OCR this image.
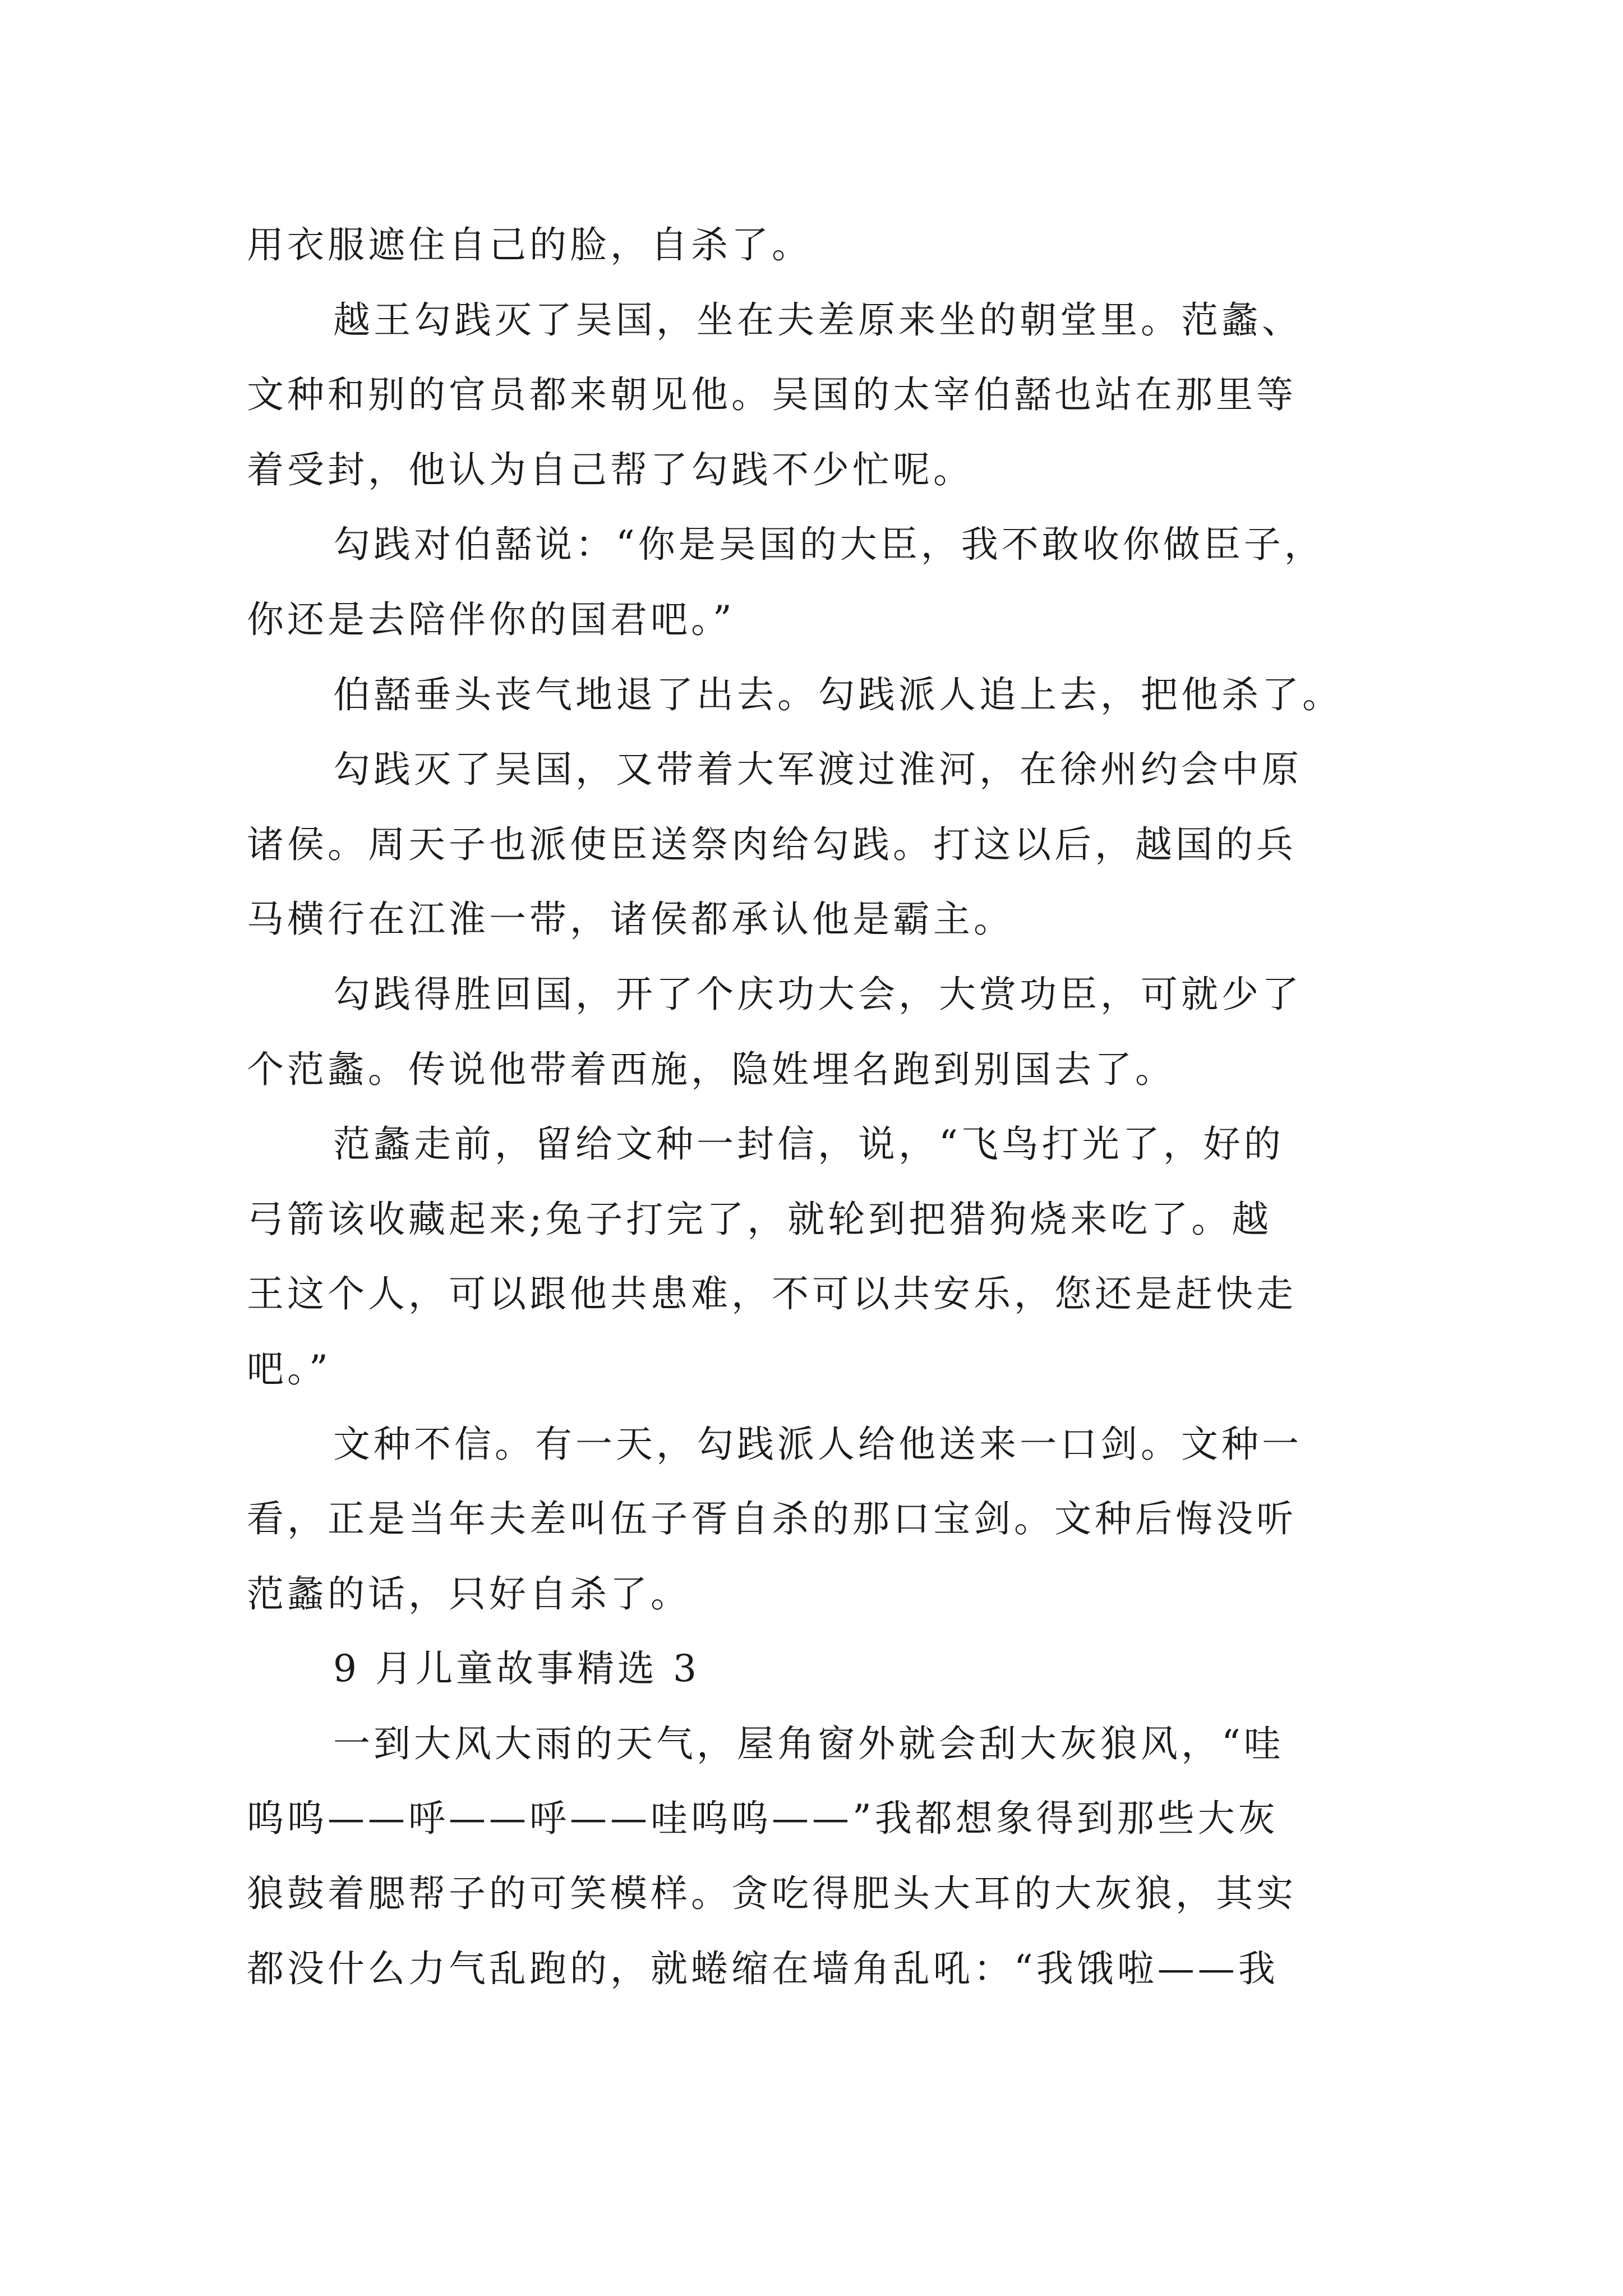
用衣服遮住自己的脸，自杀了。
越王勾践灭了吴国，坐在夫差原来坐的朝堂里。范蠡、
文种和别的官员都来朝见他。吴国的太宰伯嚭也站在那里等
着受封，他认为自己帮了勾践不少忙呢。
勾践对伯嚭说：“你是吴国的大臣，我不敢收你做臣子，
你还是去陪伴你的国君吧。”
伯嚭垂头丧气地退了出去。勾践派人追上去，把他杀了。
勾践灭了吴国，又带着大军渡过淮河，在徐州约会中原
诸侯。周天子也派使臣送祭肉给勾践。打这以后，越国的兵
马横行在江淮一带，诸侯都承认他是霸主。
勾践得胜回国，开了个庆功大会，大赏功臣，可就少了
个范蠡。传说他带着西施，隐姓埋名跑到别国去了。
范蠡走前，留给文种一封信，说，“飞鸟打光了，好的
弓箭该收藏起来;兔子打完了，就轮到把猎狗烧来吃了。越
王这个人，可以跟他共患难，不可以共安乐，您还是赶快走
吧。”
文种不信。有一天，勾践派人给他送来一口剑。文种一
看，正是当年夫差叫伍子胥自杀的那口宝剑。文种后悔没听
范蠡的话，只好自杀了。
9 月儿童故事精选 3
一到大风大雨的天气，屋角窗外就会刮大灰狼风，“哇
呜呜——呼——呼——哇呜呜——”我都想象得到那些大灰
狼鼓着腮帮子的可笑模样。贪吃得肥头大耳的大灰狼，其实
都没什么力气乱跑的，就蜷缩在墙角乱吼：“我饿啦——我
